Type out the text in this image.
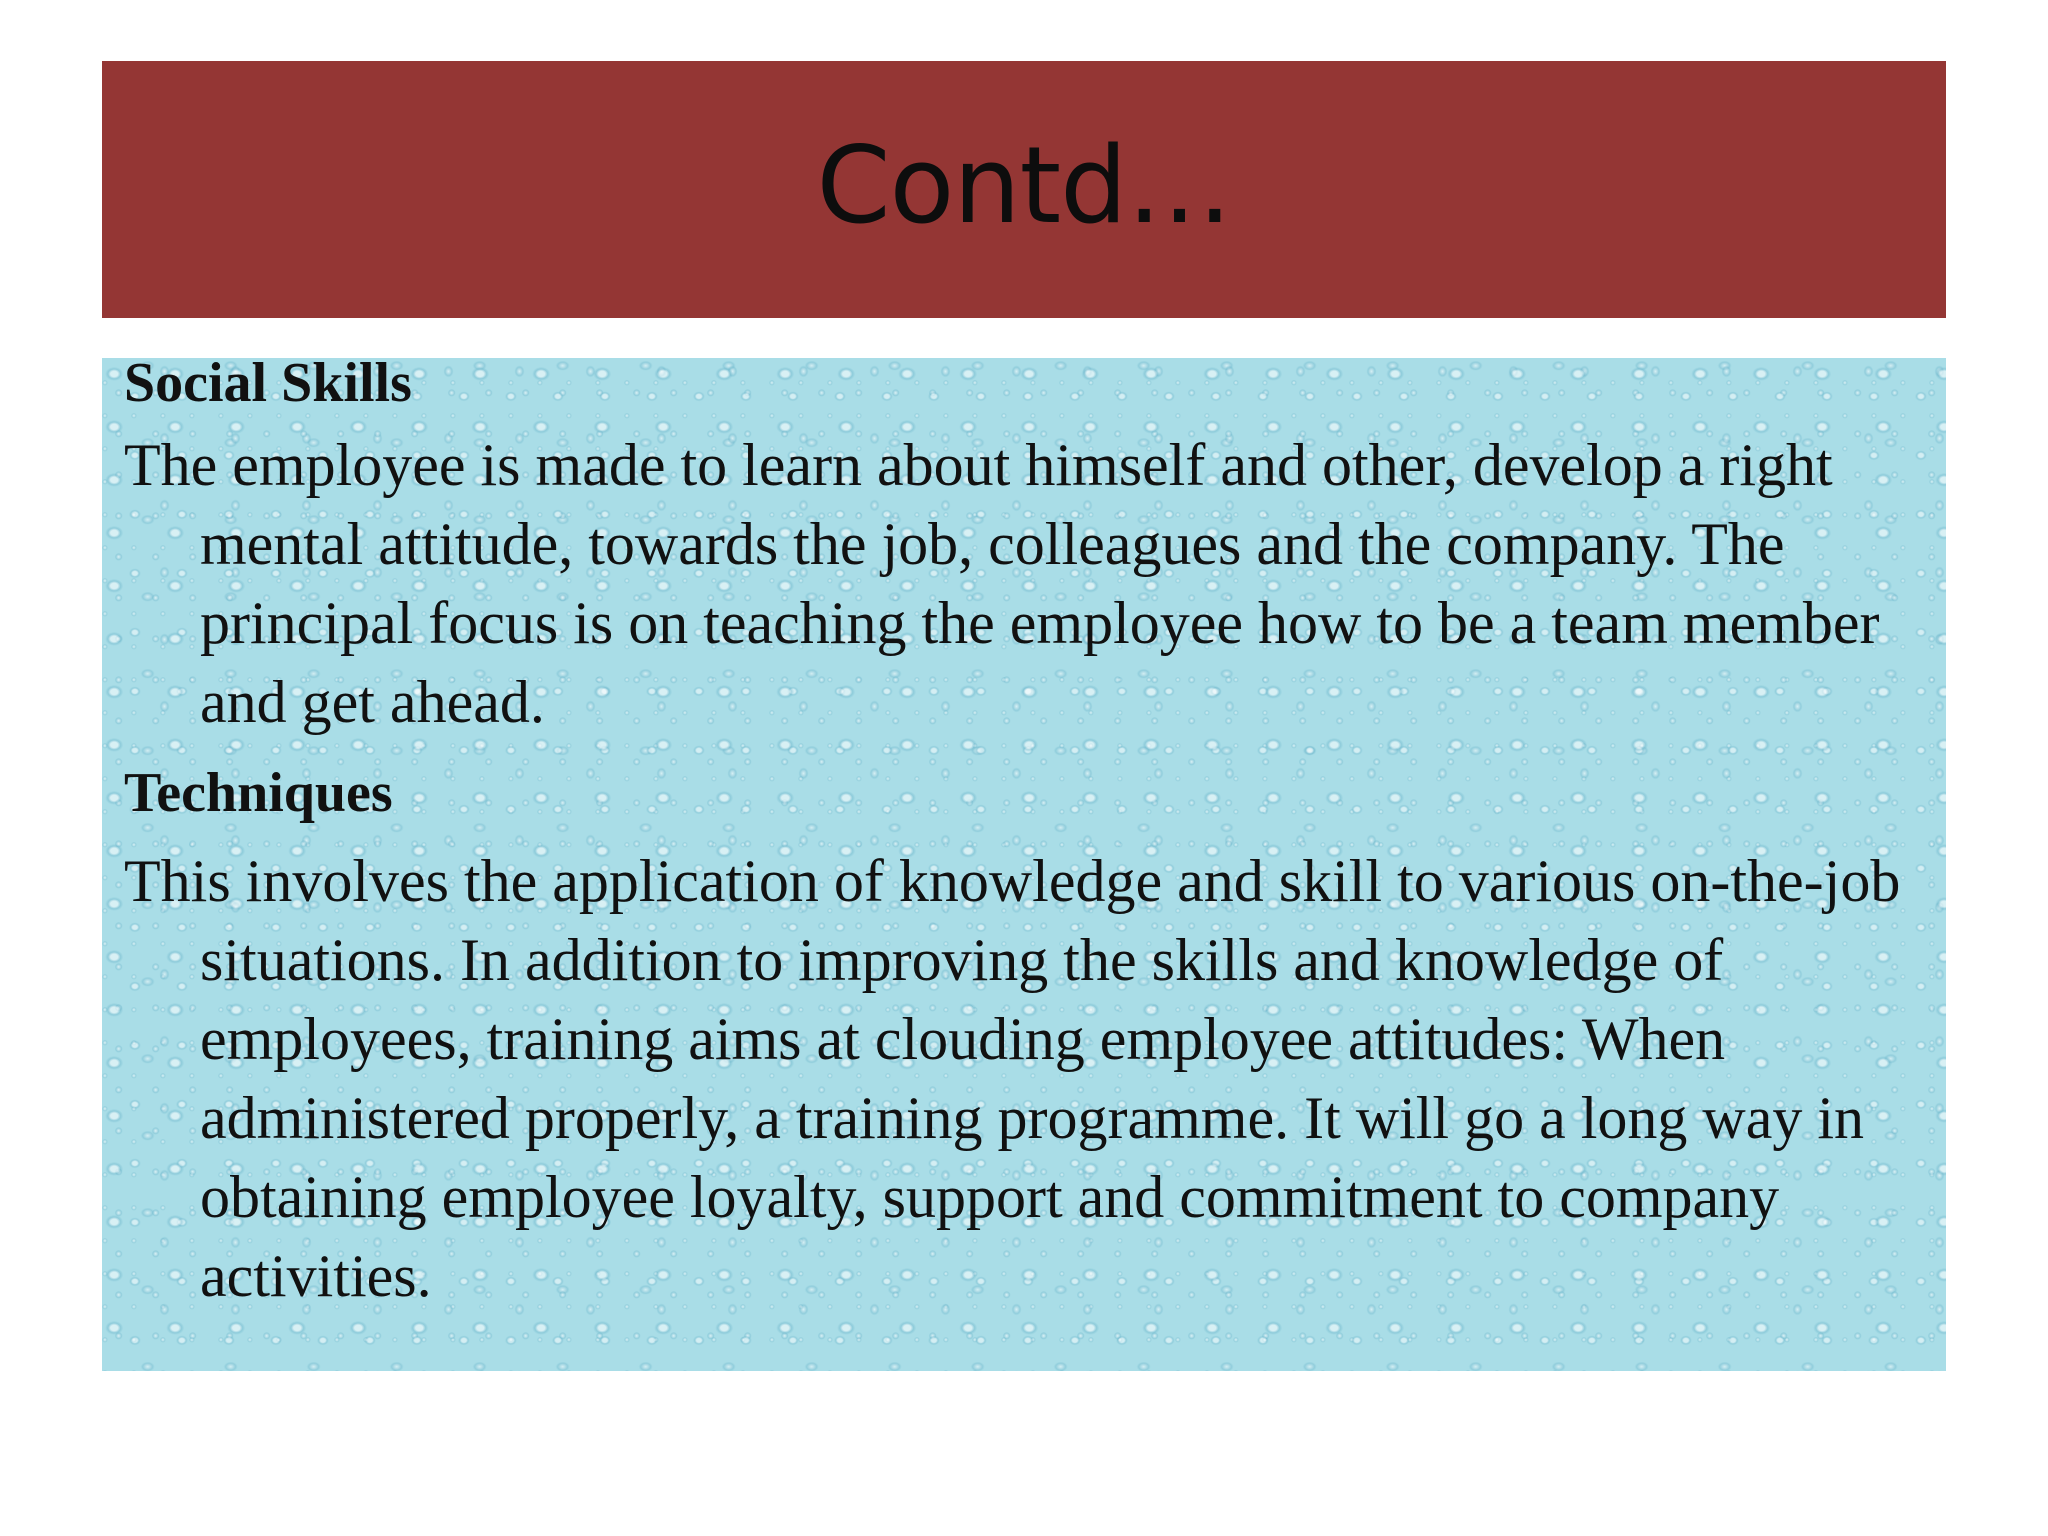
Contd…

Social Skills

The employee is made to learn about himself and other, develop a right mental attitude, towards the job, colleagues and the company. The principal focus is on teaching the employee how to be a team member and get ahead.

Techniques

This involves the application of knowledge and skill to various on-the-job situations. In addition to improving the skills and knowledge of employees, training aims at clouding employee attitudes: When administered properly, a training programme. It will go a long way in obtaining employee loyalty, support and commitment to company activities.
